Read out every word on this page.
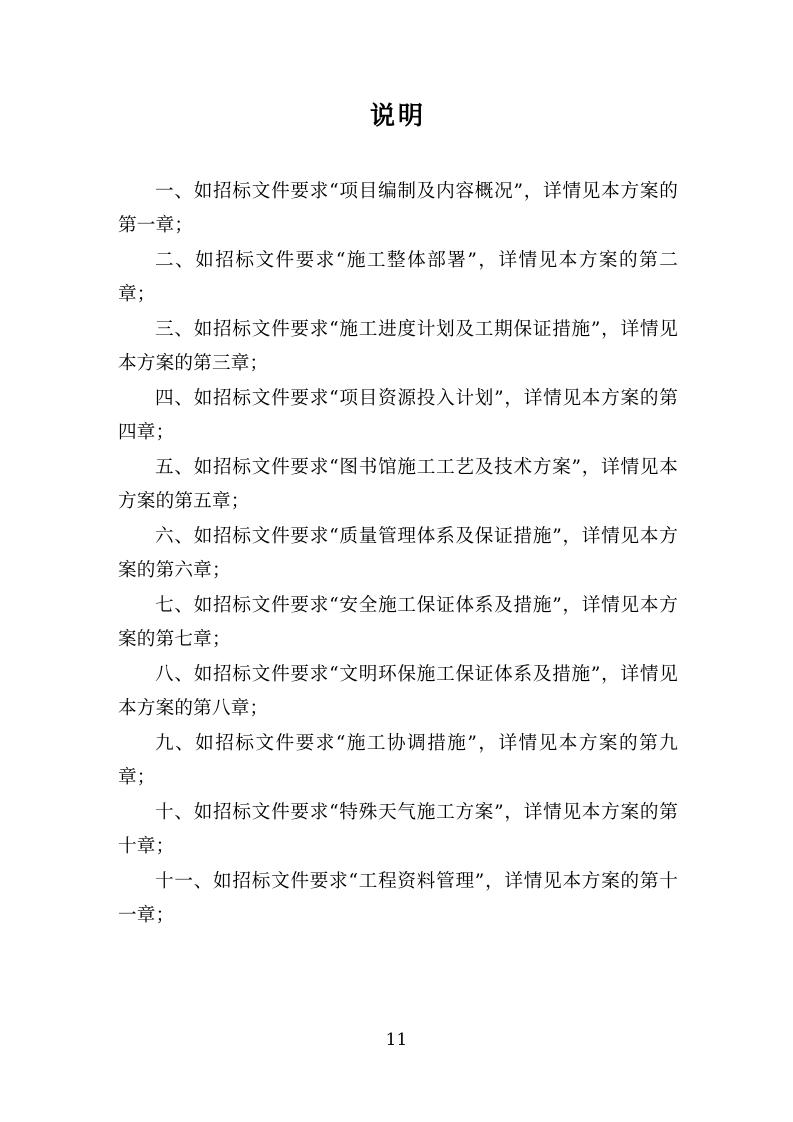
说明

一、如招标文件要求“项目编制及内容概况”，详情见本方案的第一章；

二、如招标文件要求“施工整体部署”，详情见本方案的第二章；

三、如招标文件要求“施工进度计划及工期保证措施”，详情见本方案的第三章；

四、如招标文件要求“项目资源投入计划”，详情见本方案的第四章；

五、如招标文件要求“图书馆施工工艺及技术方案”，详情见本方案的第五章；

六、如招标文件要求“质量管理体系及保证措施”，详情见本方案的第六章；

七、如招标文件要求“安全施工保证体系及措施”，详情见本方案的第七章；

八、如招标文件要求“文明环保施工保证体系及措施”，详情见本方案的第八章；

九、如招标文件要求“施工协调措施”，详情见本方案的第九章；

十、如招标文件要求“特殊天气施工方案”，详情见本方案的第十章；

十一、如招标文件要求“工程资料管理”，详情见本方案的第十一章；

11
